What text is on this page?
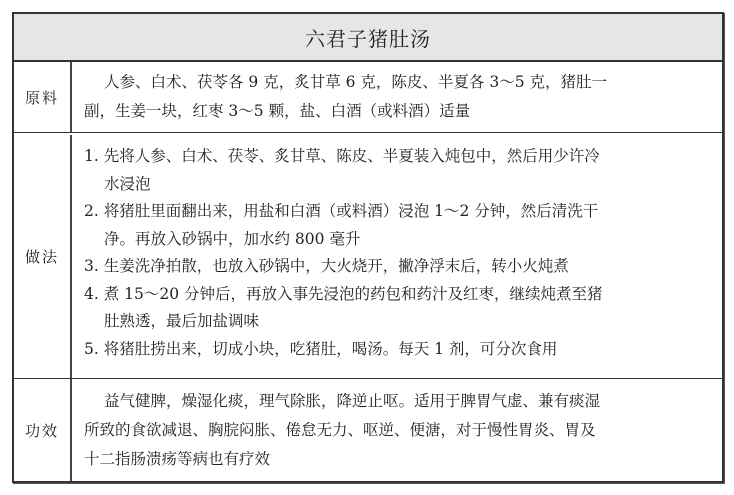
六君子猪肚汤
原料
人参、白术、茯苓各 9 克，炙甘草 6 克，陈皮、半夏各 3～5 克，猪肚一
副，生姜一块，红枣 3～5 颗，盐、白酒（或料酒）适量
做法
1. 先将人参、白术、茯苓、炙甘草、陈皮、半夏装入炖包中，然后用少许冷
水浸泡
2. 将猪肚里面翻出来，用盐和白酒（或料酒）浸泡 1～2 分钟，然后清洗干
净。再放入砂锅中，加水约 800 毫升
3. 生姜洗净拍散，也放入砂锅中，大火烧开，撇净浮末后，转小火炖煮
4. 煮 15～20 分钟后，再放入事先浸泡的药包和药汁及红枣，继续炖煮至猪
肚熟透，最后加盐调味
5. 将猪肚捞出来，切成小块，吃猪肚，喝汤。每天 1 剂，可分次食用
功效
益气健脾，燥湿化痰，理气除胀，降逆止呕。适用于脾胃气虚、兼有痰湿
所致的食欲减退、胸脘闷胀、倦怠无力、呕逆、便溏，对于慢性胃炎、胃及
十二指肠溃疡等病也有疗效
